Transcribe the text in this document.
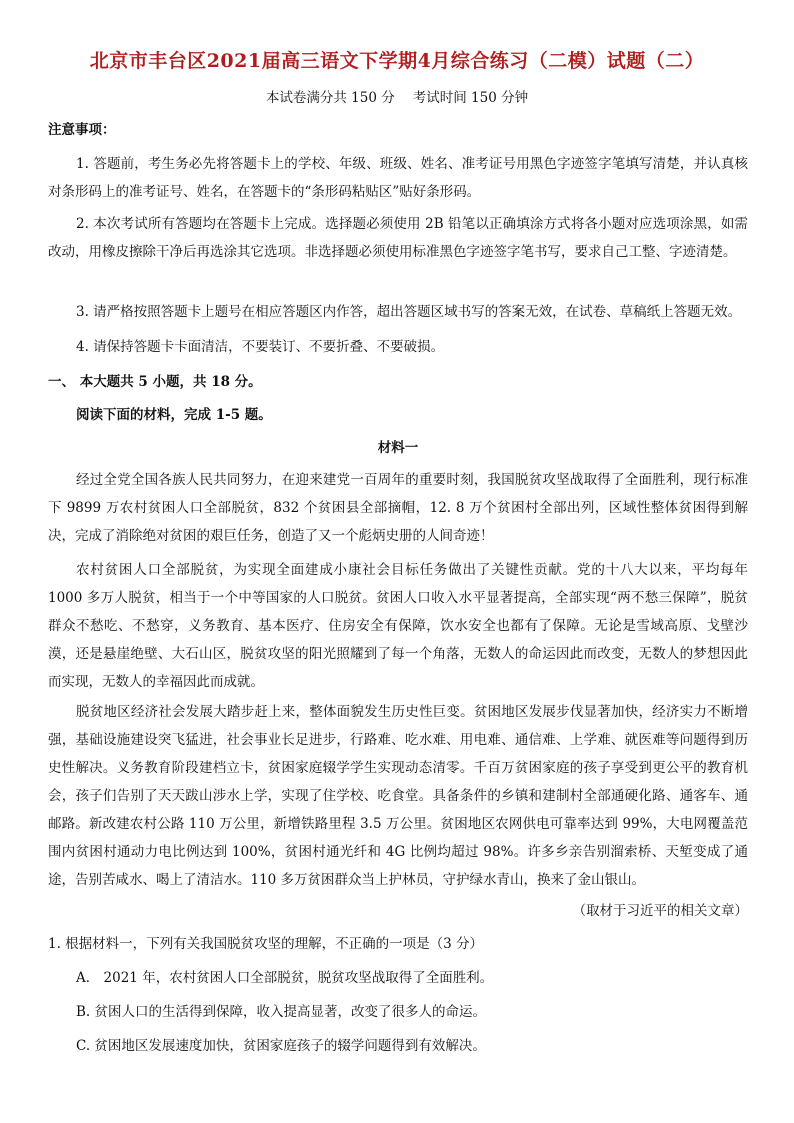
北京市丰台区2021届高三语文下学期4月综合练习（二模）试题（二）
本试卷满分共 150 分 考试时间 150 分钟
注意事项：
1. 答题前，考生务必先将答题卡上的学校、年级、班级、姓名、准考证号用黑色字迹签字笔填写清楚，并认真核对条形码上的准考证号、姓名，在答题卡的“条形码粘贴区”贴好条形码。
2. 本次考试所有答题均在答题卡上完成。选择题必须使用 2B 铅笔以正确填涂方式将各小题对应选项涂黑，如需改动，用橡皮擦除干净后再选涂其它选项。非选择题必须使用标准黑色字迹签字笔书写，要求自己工整、字迹清楚。
3. 请严格按照答题卡上题号在相应答题区内作答，超出答题区域书写的答案无效，在试卷、草稿纸上答题无效。
4. 请保持答题卡卡面清洁，不要装订、不要折叠、不要破损。
一、 本大题共 5 小题，共 18 分。
阅读下面的材料，完成 1-5 题。
材料一
经过全党全国各族人民共同努力，在迎来建党一百周年的重要时刻，我国脱贫攻坚战取得了全面胜利，现行标准下 9899 万农村贫困人口全部脱贫，832 个贫困县全部摘帽，12. 8 万个贫困村全部出列，区域性整体贫困得到解决，完成了消除绝对贫困的艰巨任务，创造了又一个彪炳史册的人间奇迹！
农村贫困人口全部脱贫，为实现全面建成小康社会目标任务做出了关键性贡献。党的十八大以来，平均每年 1000 多万人脱贫，相当于一个中等国家的人口脱贫。贫困人口收入水平显著提高，全部实现“两不愁三保障”，脱贫群众不愁吃、不愁穿，义务教育、基本医疗、住房安全有保障，饮水安全也都有了保障。无论是雪域高原、戈壁沙漠，还是悬崖绝壁、大石山区，脱贫攻坚的阳光照耀到了每一个角落，无数人的命运因此而改变，无数人的梦想因此而实现，无数人的幸福因此而成就。
脱贫地区经济社会发展大踏步赶上来，整体面貌发生历史性巨变。贫困地区发展步伐显著加快，经济实力不断增强，基础设施建设突飞猛进，社会事业长足进步，行路难、吃水难、用电难、通信难、上学难、就医难等问题得到历史性解决。义务教育阶段建档立卡，贫困家庭辍学学生实现动态清零。千百万贫困家庭的孩子享受到更公平的教育机会，孩子们告别了天天跋山涉水上学，实现了住学校、吃食堂。具备条件的乡镇和建制村全部通硬化路、通客车、通邮路。新改建农村公路 110 万公里，新增铁路里程 3.5 万公里。贫困地区农网供电可靠率达到 99%，大电网覆盖范围内贫困村通动力电比例达到 100%，贫困村通光纤和 4G 比例均超过 98%。许多乡亲告别溜索桥、天堑变成了通途，告别苦咸水、喝上了清洁水。110 多万贫困群众当上护林员，守护绿水青山，换来了金山银山。
（取材于习近平的相关文章）
1. 根据材料一，下列有关我国脱贫攻坚的理解，不正确的一项是（3 分）
A． 2021 年，农村贫困人口全部脱贫，脱贫攻坚战取得了全面胜利。
B. 贫困人口的生活得到保障，收入提高显著，改变了很多人的命运。
C. 贫困地区发展速度加快，贫困家庭孩子的辍学问题得到有效解决。
